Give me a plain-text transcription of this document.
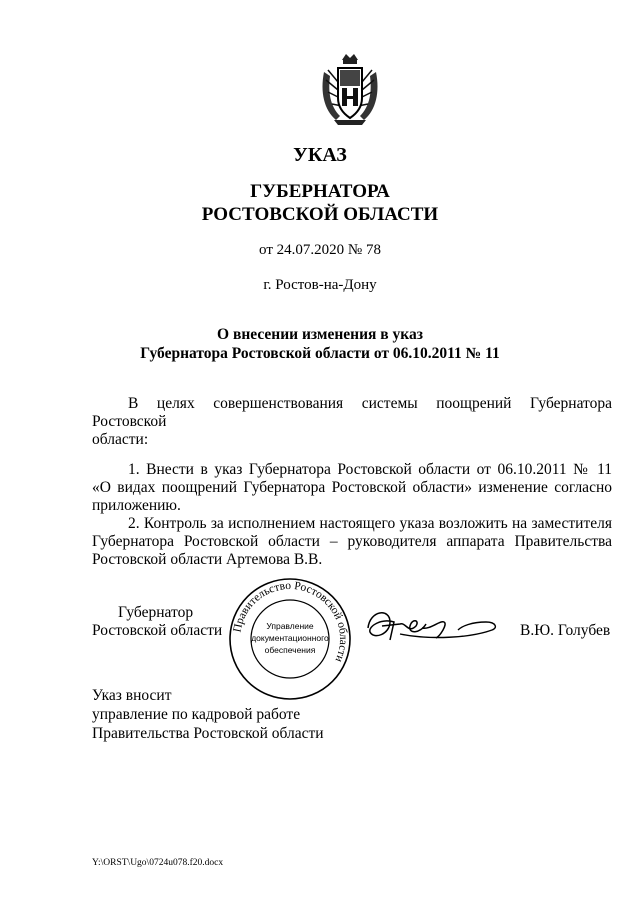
УКАЗ
ГУБЕРНАТОРА
РОСТОВСКОЙ ОБЛАСТИ
от 24.07.2020 № 78
г. Ростов-на-Дону
О внесении изменения в указ
Губернатора Ростовской области от 06.10.2011 № 11
В целях совершенствования системы поощрений Губернатора Ростовской
области:
1. Внести в указ Губернатора Ростовской области от 06.10.2011 № 11
«О видах поощрений Губернатора Ростовской области» изменение согласно
приложению.
2. Контроль за исполнением настоящего указа возложить на заместителя
Губернатора Ростовской области – руководителя аппарата Правительства
Ростовской области Артемова В.В.
Губернатор
Ростовской области	В.Ю. Голубев
Правительство Ростовской области
Управление
документационного
обеспечения
Указ вносит
управление по кадровой работе
Правительства Ростовской области
Y:\ORST\Ugo\0724u078.f20.docx
